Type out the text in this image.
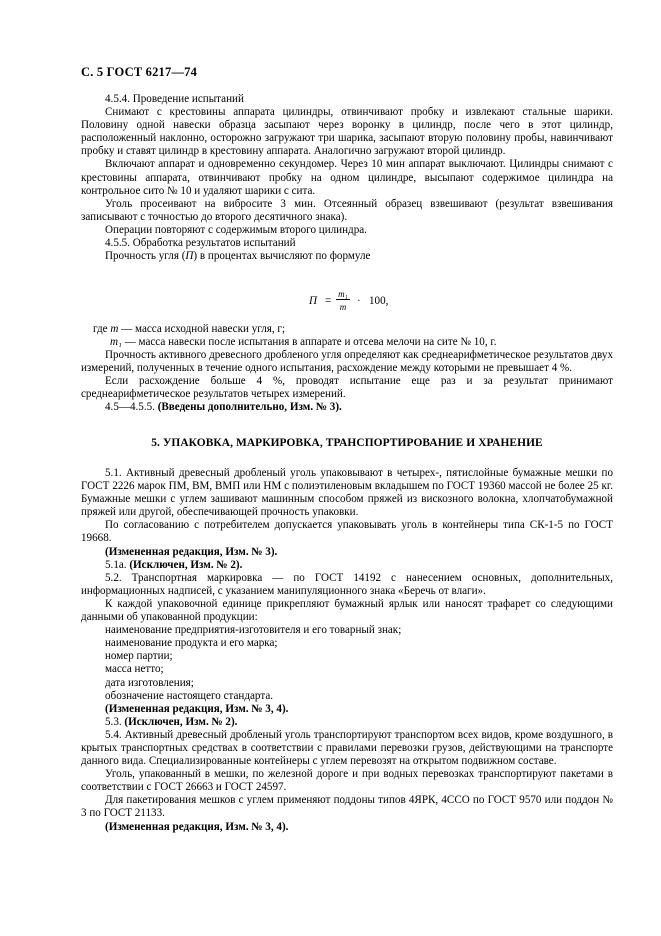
С. 5 ГОСТ 6217—74

4.5.4. Проведение испытаний

Снимают с крестовины аппарата цилиндры, отвинчивают пробку и извлекают стальные шарики. Половину одной навески образца засыпают через воронку в цилиндр, после чего в этот цилиндр, расположенный наклонно, осторожно загружают три шарика, засыпают вторую половину пробы, навинчивают пробку и ставят цилиндр в крестовину аппарата. Аналогично загружают второй цилиндр.

Включают аппарат и одновременно секундомер. Через 10 мин аппарат выключают. Цилиндры снимают с крестовины аппарата, отвинчивают пробку на одном цилиндре, высыпают содержимое цилиндра на контрольное сито № 10 и удаляют шарики с сита.

Уголь просеивают на вибросите 3 мин. Отсеянный образец взвешивают (результат взвешивания записывают с точностью до второго десятичного знака).

Операции повторяют с содержимым второго цилиндра.

4.5.5. Обработка результатов испытаний

Прочность угля (П) в процентах вычисляют по формуле

П =
m₁
m · 100,

где m — масса исходной навески угля, г;

m₁ — масса навески после испытания в аппарате и отсева мелочи на сите № 10, г.

Прочность активного древесного дробленого угля определяют как среднеарифметическое результатов двух измерений, полученных в течение одного испытания, расхождение между которыми не превышает 4 %.

Если расхождение больше 4 %, проводят испытание еще раз и за результат принимают среднеарифметическое результатов четырех измерений.

4.5—4.5.5. (Введены дополнительно, Изм. № 3).

5. УПАКОВКА, МАРКИРОВКА, ТРАНСПОРТИРОВАНИЕ И ХРАНЕНИЕ

5.1. Активный древесный дробленый уголь упаковывают в четырех-, пятислойные бумажные мешки по ГОСТ 2226 марок ПМ, ВМ, ВМП или НМ с полиэтиленовым вкладышем по ГОСТ 19360 массой не более 25 кг. Бумажные мешки с углем зашивают машинным способом пряжей из вискозного волокна, хлопчатобумажной пряжей или другой, обеспечивающей прочность упаковки.

По согласованию с потребителем допускается упаковывать уголь в контейнеры типа СК-1-5 по ГОСТ 19668.

(Измененная редакция, Изм. № 3).

5.1а. (Исключен, Изм. № 2).

5.2. Транспортная маркировка — по ГОСТ 14192 с нанесением основных, дополнительных, информационных надписей, с указанием манипуляционного знака «Беречь от влаги».

К каждой упаковочной единице прикрепляют бумажный ярлык или наносят трафарет со следующими данными об упакованной продукции:

наименование предприятия-изготовителя и его товарный знак;

наименование продукта и его марка;

номер партии;

масса нетто;

дата изготовления;

обозначение настоящего стандарта.

(Измененная редакция, Изм. № 3, 4).

5.3. (Исключен, Изм. № 2).

5.4. Активный древесный дробленый уголь транспортируют транспортом всех видов, кроме воздушного, в крытых транспортных средствах в соответствии с правилами перевозки грузов, действующими на транспорте данного вида. Специализированные контейнеры с углем перевозят на открытом подвижном составе.

Уголь, упакованный в мешки, по железной дороге и при водных перевозках транспортируют пакетами в соответствии с ГОСТ 26663 и ГОСТ 24597.

Для пакетирования мешков с углем применяют поддоны типов 4ЯРК, 4ССО по ГОСТ 9570 или поддон № 3 по ГОСТ 21133.

(Измененная редакция, Изм. № 3, 4).
